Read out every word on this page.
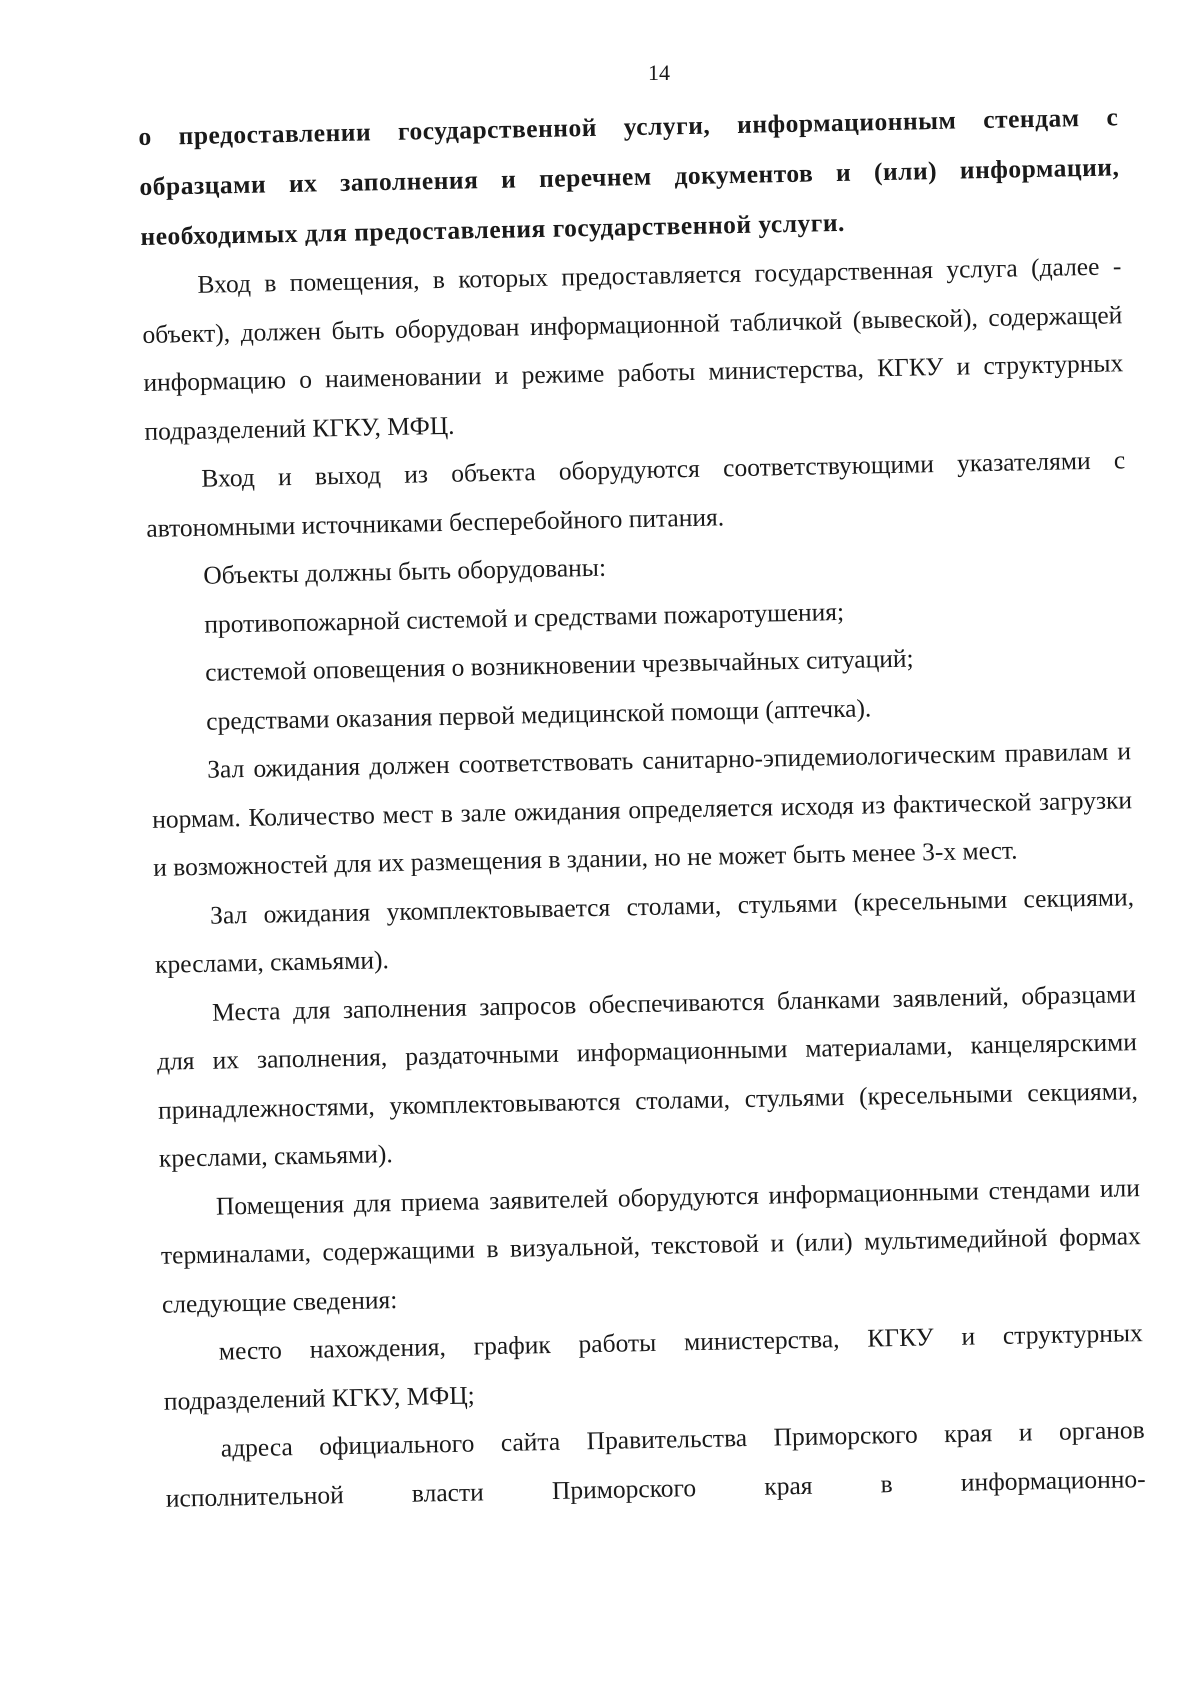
14

о предоставлении государственной услуги, информационным стендам с образцами их заполнения и перечнем документов и (или) информации, необходимых для предоставления государственной услуги.

Вход в помещения, в которых предоставляется государственная услуга (далее - объект), должен быть оборудован информационной табличкой (вывеской), содержащей информацию о наименовании и режиме работы министерства, КГКУ и структурных подразделений КГКУ, МФЦ.

Вход и выход из объекта оборудуются соответствующими указателями с автономными источниками бесперебойного питания.

Объекты должны быть оборудованы:

противопожарной системой и средствами пожаротушения;

системой оповещения о возникновении чрезвычайных ситуаций;

средствами оказания первой медицинской помощи (аптечка).

Зал ожидания должен соответствовать санитарно-эпидемиологическим правилам и нормам. Количество мест в зале ожидания определяется исходя из фактической загрузки и возможностей для их размещения в здании, но не может быть менее 3-х мест.

Зал ожидания укомплектовывается столами, стульями (кресельными секциями, креслами, скамьями).

Места для заполнения запросов обеспечиваются бланками заявлений, образцами для их заполнения, раздаточными информационными материалами, канцелярскими принадлежностями, укомплектовываются столами, стульями (кресельными секциями, креслами, скамьями).

Помещения для приема заявителей оборудуются информационными стендами или терминалами, содержащими в визуальной, текстовой и (или) мультимедийной формах следующие сведения:

место нахождения, график работы министерства, КГКУ и структурных подразделений КГКУ, МФЦ;

адреса официального сайта Правительства Приморского края и органов исполнительной власти Приморского края в информационно-
